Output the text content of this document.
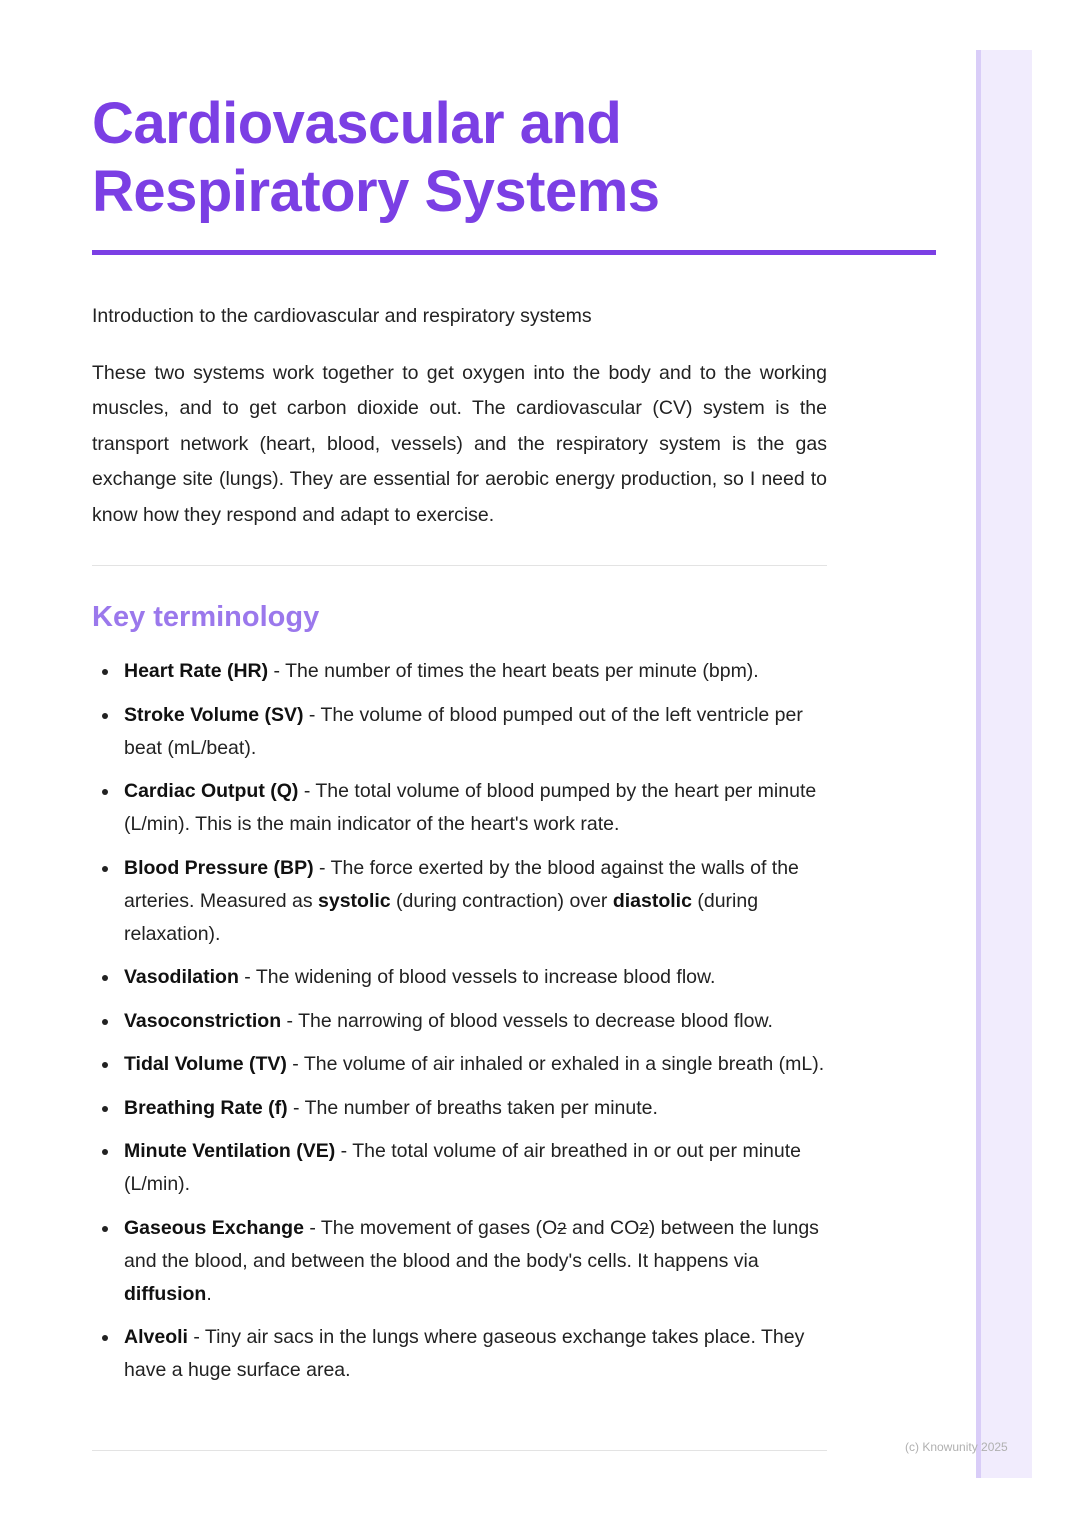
Cardiovascular and Respiratory Systems

Introduction to the cardiovascular and respiratory systems

These two systems work together to get oxygen into the body and to the working muscles, and to get carbon dioxide out. The cardiovascular (CV) system is the transport network (heart, blood, vessels) and the respiratory system is the gas exchange site (lungs). They are essential for aerobic energy production, so I need to know how they respond and adapt to exercise.

Key terminology
Heart Rate (HR) - The number of times the heart beats per minute (bpm).
Stroke Volume (SV) - The volume of blood pumped out of the left ventricle per beat (mL/beat).
Cardiac Output (Q) - The total volume of blood pumped by the heart per minute (L/min). This is the main indicator of the heart's work rate.
Blood Pressure (BP) - The force exerted by the blood against the walls of the arteries. Measured as systolic (during contraction) over diastolic (during relaxation).
Vasodilation - The widening of blood vessels to increase blood flow.
Vasoconstriction - The narrowing of blood vessels to decrease blood flow.
Tidal Volume (TV) - The volume of air inhaled or exhaled in a single breath (mL).
Breathing Rate (f) - The number of breaths taken per minute.
Minute Ventilation (VE) - The total volume of air breathed in or out per minute (L/min).
Gaseous Exchange - The movement of gases (O2 and CO2) between the lungs and the blood, and between the blood and the body's cells. It happens via diffusion.
Alveoli - Tiny air sacs in the lungs where gaseous exchange takes place. They have a huge surface area.
(c) Knowunity 2025
